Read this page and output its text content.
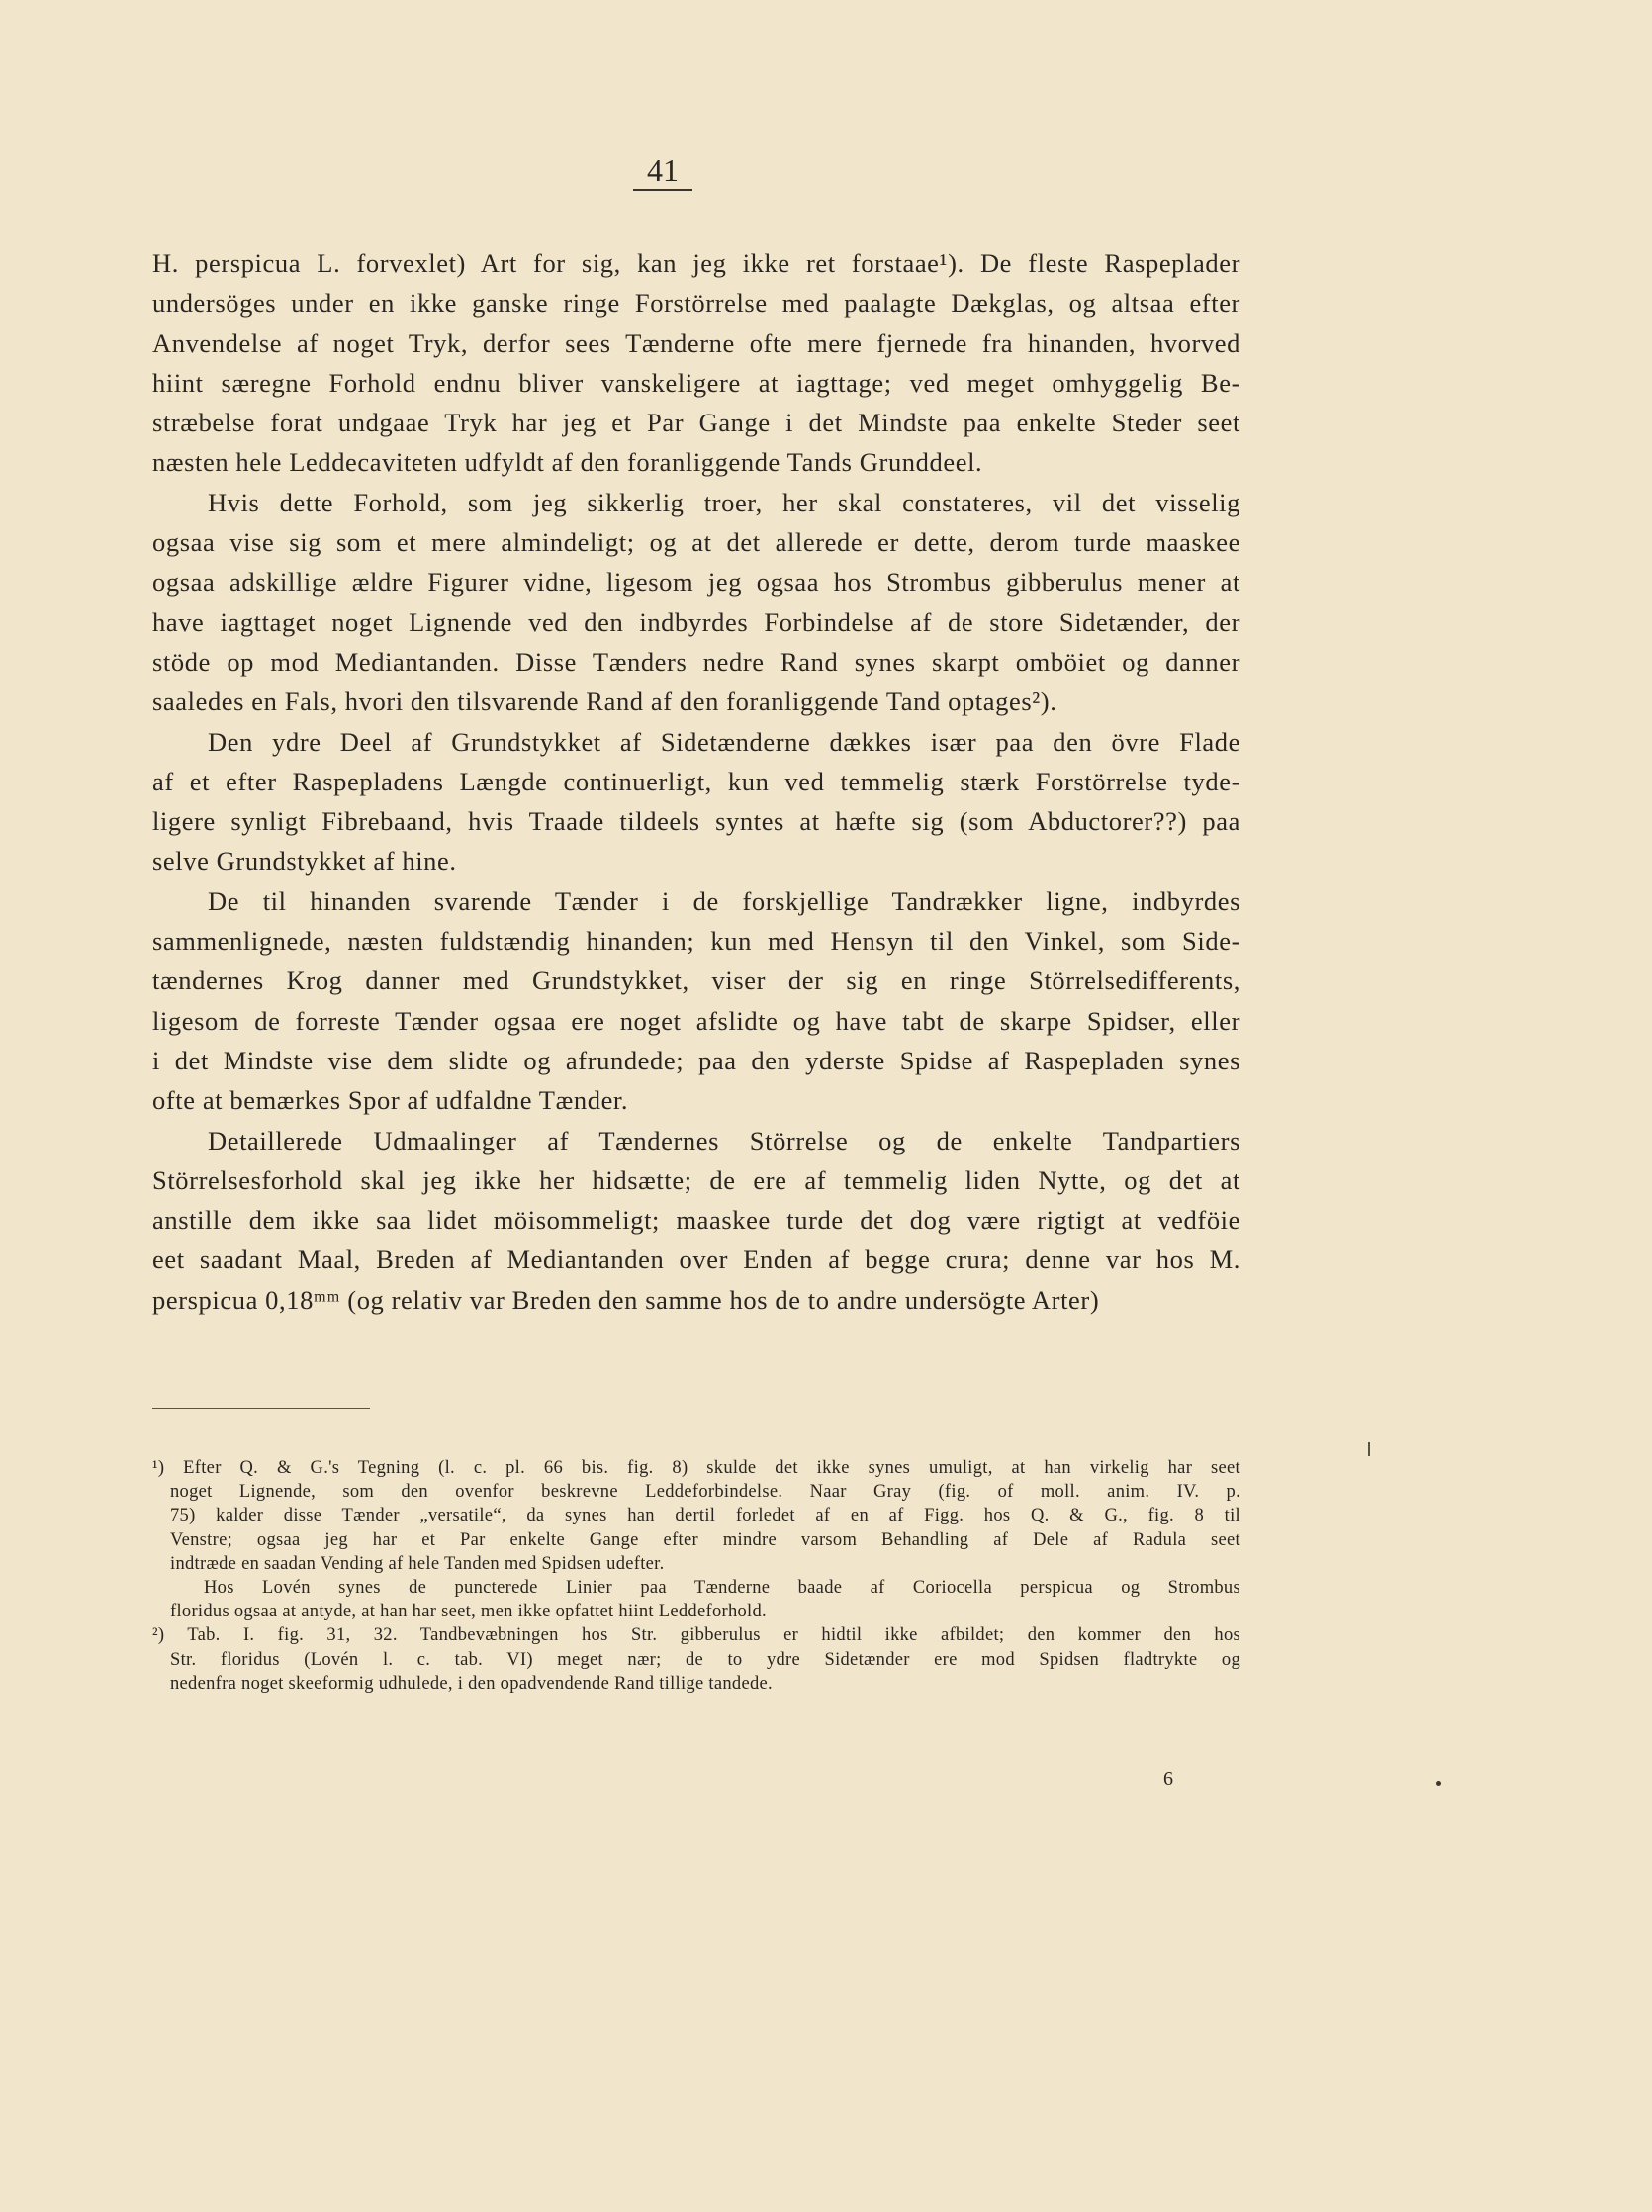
41
H. perspicua L. forvexlet) Art for sig, kan jeg ikke ret forstaae¹). De fleste Raspeplader
undersöges under en ikke ganske ringe Forstörrelse med paalagte Dækglas, og altsaa efter
Anvendelse af noget Tryk, derfor sees Tænderne ofte mere fjernede fra hinanden, hvorved
hiint særegne Forhold endnu bliver vanskeligere at iagttage; ved meget omhyggelig Be-
stræbelse forat undgaae Tryk har jeg et Par Gange i det Mindste paa enkelte Steder seet
næsten hele Leddecaviteten udfyldt af den foranliggende Tands Grunddeel.
Hvis dette Forhold, som jeg sikkerlig troer, her skal constateres, vil det visselig
ogsaa vise sig som et mere almindeligt; og at det allerede er dette, derom turde maaskee
ogsaa adskillige ældre Figurer vidne, ligesom jeg ogsaa hos Strombus gibberulus mener at
have iagttaget noget Lignende ved den indbyrdes Forbindelse af de store Sidetænder, der
stöde op mod Mediantanden. Disse Tænders nedre Rand synes skarpt omböiet og danner
saaledes en Fals, hvori den tilsvarende Rand af den foranliggende Tand optages²).
Den ydre Deel af Grundstykket af Sidetænderne dækkes især paa den övre Flade
af et efter Raspepladens Længde continuerligt, kun ved temmelig stærk Forstörrelse tyde-
ligere synligt Fibrebaand, hvis Traade tildeels syntes at hæfte sig (som Abductorer??) paa
selve Grundstykket af hine.
De til hinanden svarende Tænder i de forskjellige Tandrækker ligne, indbyrdes
sammenlignede, næsten fuldstændig hinanden; kun med Hensyn til den Vinkel, som Side-
tændernes Krog danner med Grundstykket, viser der sig en ringe Störrelsedifferents,
ligesom de forreste Tænder ogsaa ere noget afslidte og have tabt de skarpe Spidser, eller
i det Mindste vise dem slidte og afrundede; paa den yderste Spidse af Raspepladen synes
ofte at bemærkes Spor af udfaldne Tænder.
Detaillerede Udmaalinger af Tændernes Störrelse og de enkelte Tandpartiers
Störrelsesforhold skal jeg ikke her hidsætte; de ere af temmelig liden Nytte, og det at
anstille dem ikke saa lidet möisommeligt; maaskee turde det dog være rigtigt at vedföie
eet saadant Maal, Breden af Mediantanden over Enden af begge crura; denne var hos M.
perspicua 0,18ᵐᵐ (og relativ var Breden den samme hos de to andre undersögte Arter)
¹) Efter Q. & G.'s Tegning (l. c. pl. 66 bis. fig. 8) skulde det ikke synes umuligt, at han virkelig har seet
noget Lignende, som den ovenfor beskrevne Leddeforbindelse. Naar Gray (fig. of moll. anim. IV. p.
75) kalder disse Tænder „versatile“, da synes han dertil forledet af en af Figg. hos Q. & G., fig. 8 til
Venstre; ogsaa jeg har et Par enkelte Gange efter mindre varsom Behandling af Dele af Radula seet
indtræde en saadan Vending af hele Tanden med Spidsen udefter.
Hos Lovén synes de puncterede Linier paa Tænderne baade af Coriocella perspicua og Strombus
floridus ogsaa at antyde, at han har seet, men ikke opfattet hiint Leddeforhold.
²) Tab. I. fig. 31, 32. Tandbevæbningen hos Str. gibberulus er hidtil ikke afbildet; den kommer den hos
Str. floridus (Lovén l. c. tab. VI) meget nær; de to ydre Sidetænder ere mod Spidsen fladtrykte og
nedenfra noget skeeformig udhulede, i den opadvendende Rand tillige tandede.
6
